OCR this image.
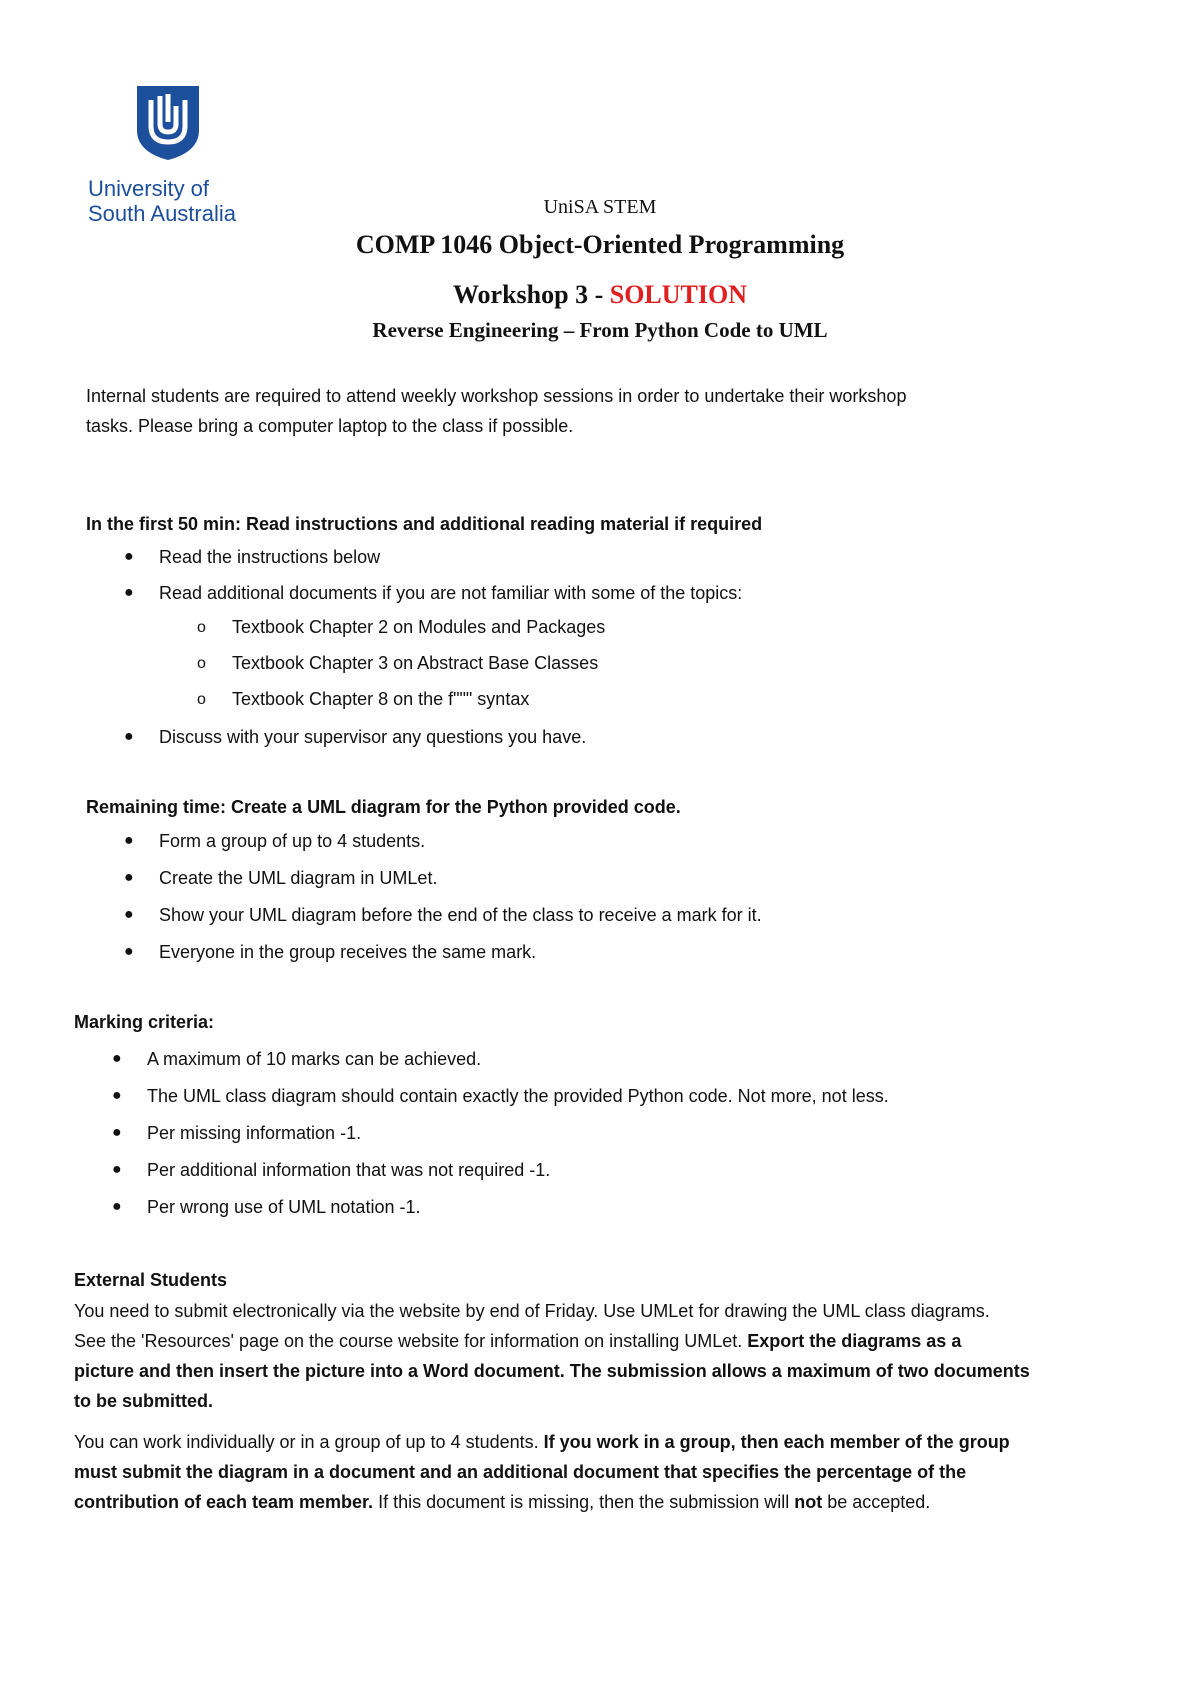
University of
South Australia	UniSA STEM
COMP 1046 Object-Oriented Programming
Workshop 3 - SOLUTION
Reverse Engineering – From Python Code to UML
Internal students are required to attend weekly workshop sessions in order to undertake their workshop
tasks. Please bring a computer laptop to the class if possible.
In the first 50 min: Read instructions and additional reading material if required
● Read the instructions below
● Read additional documents if you are not familiar with some of the topics:
o Textbook Chapter 2 on Modules and Packages
o Textbook Chapter 3 on Abstract Base Classes
o Textbook Chapter 8 on the f""" syntax
● Discuss with your supervisor any questions you have.
Remaining time: Create a UML diagram for the Python provided code.
● Form a group of up to 4 students.
● Create the UML diagram in UMLet.
● Show your UML diagram before the end of the class to receive a mark for it.
● Everyone in the group receives the same mark.
Marking criteria:
● A maximum of 10 marks can be achieved.
● The UML class diagram should contain exactly the provided Python code. Not more, not less.
● Per missing information -1.
● Per additional information that was not required -1.
● Per wrong use of UML notation -1.
External Students
You need to submit electronically via the website by end of Friday. Use UMLet for drawing the UML class diagrams.
See the 'Resources' page on the course website for information on installing UMLet. Export the diagrams as a
picture and then insert the picture into a Word document. The submission allows a maximum of two documents
to be submitted.
You can work individually or in a group of up to 4 students. If you work in a group, then each member of the group
must submit the diagram in a document and an additional document that specifies the percentage of the
contribution of each team member. If this document is missing, then the submission will not be accepted.
